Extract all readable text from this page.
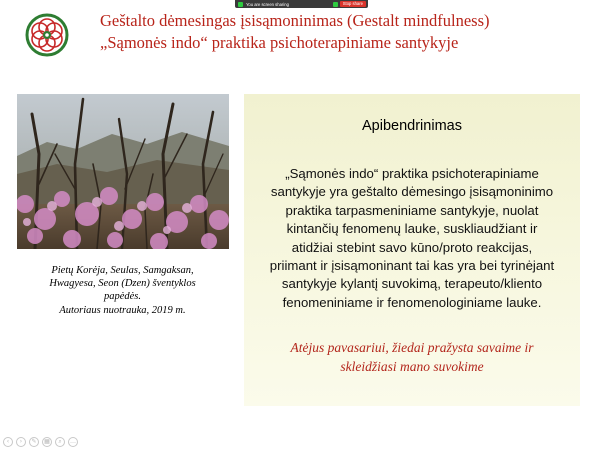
You are screen sharing	Stop share
Geštalto dėmesingas įsisąmoninimas (Gestalt mindfulness)
„Sąmonės indo“ praktika psichoterapiniame santykyje
Pietų Korėja, Seulas, Samgaksan,
Hwagyesa, Seon (Dzen) šventyklos
papėdės.
Autoriaus nuotrauka, 2019 m.
Apibendrinimas
„Sąmonės indo“ praktika psichoterapiniame
santykyje yra geštalto dėmesingo įsisąmoninimo
praktika tarpasmeniniame santykyje, nuolat
kintančių fenomenų lauke, suskliaudžiant ir
atidžiai stebint savo kūno/proto reakcijas,
priimant ir įsisąmoninant tai kas yra bei tyrinėjant
santykyje kylantį suvokimą, terapeuto/kliento
fenomeniniame ir fenomenologiniame lauke.
Atėjus pavasariui, žiedai pražysta savaime ir
skleidžiasi mano suvokime
‹	›	✎	▦	⌕	…
